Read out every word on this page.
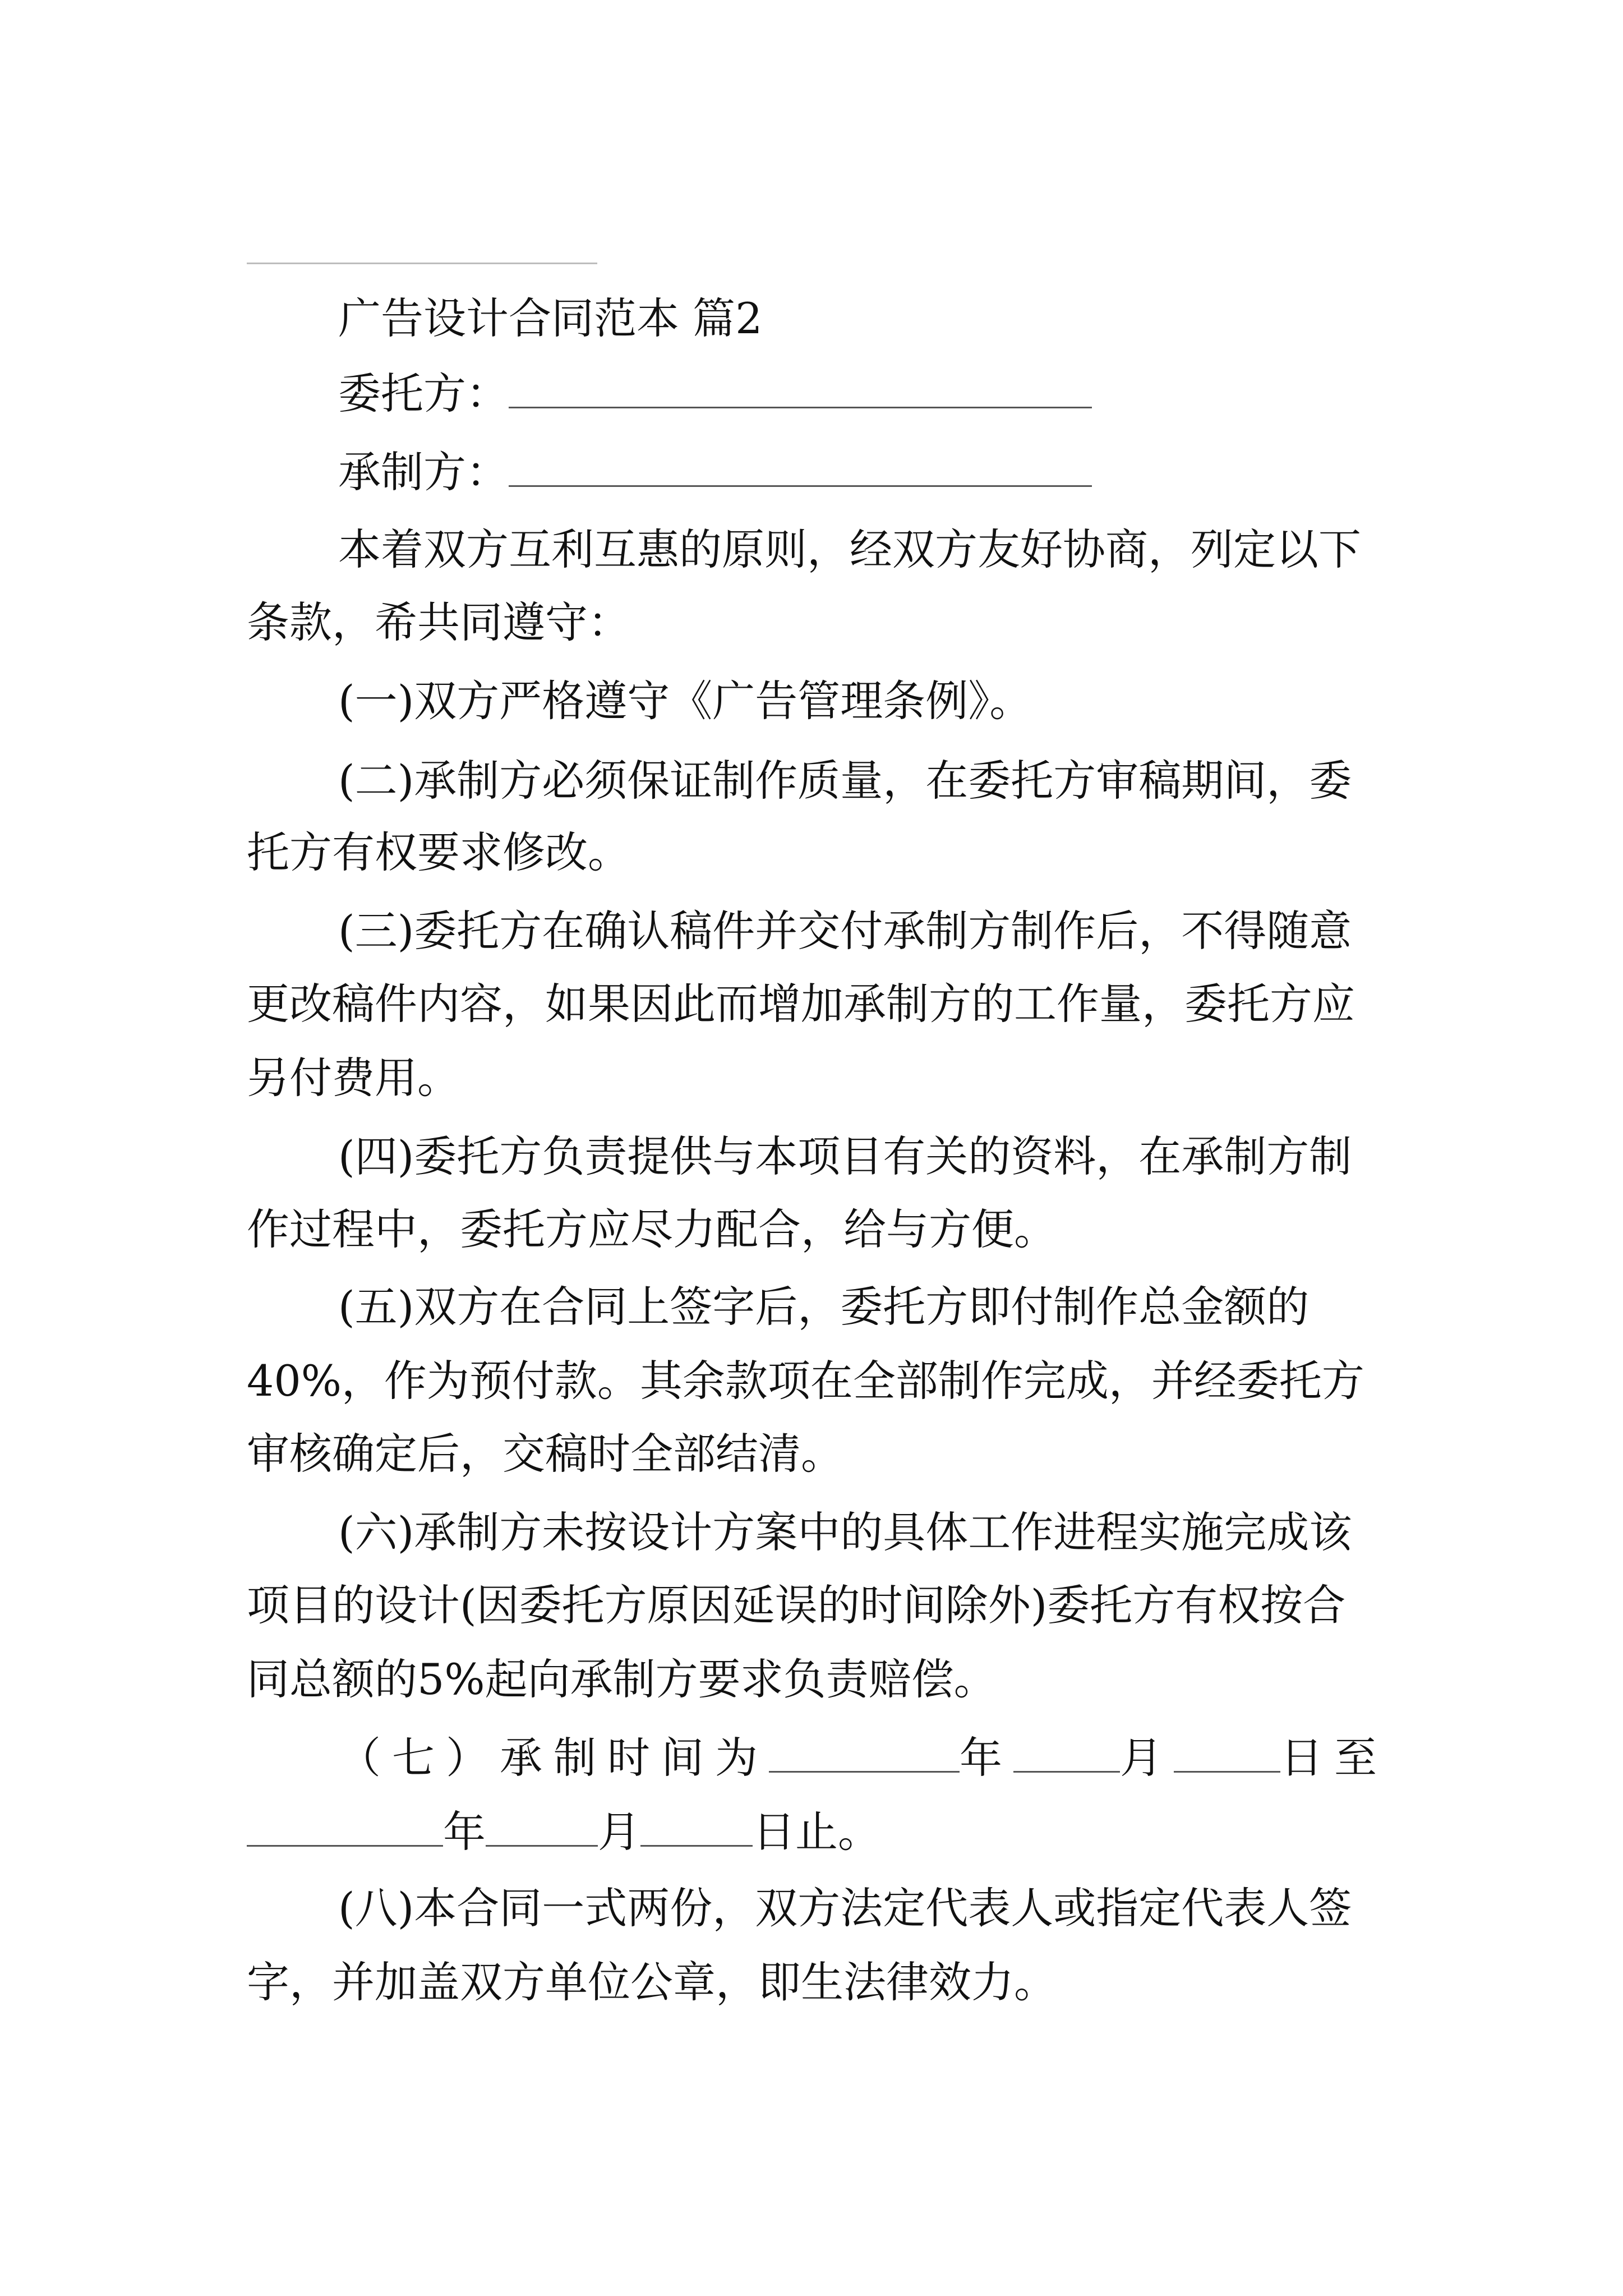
广告设计合同范本 篇2
委托方：
承制方：
本着双方互利互惠的原则，经双方友好协商，列定以下
条款，希共同遵守：
(一)双方严格遵守《广告管理条例》。
(二)承制方必须保证制作质量，在委托方审稿期间，委
托方有权要求修改。
(三)委托方在确认稿件并交付承制方制作后，不得随意
更改稿件内容，如果因此而增加承制方的工作量，委托方应
另付费用。
(四)委托方负责提供与本项目有关的资料，在承制方制
作过程中，委托方应尽力配合，给与方便。
(五)双方在合同上签字后，委托方即付制作总金额的
40%，作为预付款。其余款项在全部制作完成，并经委托方
审核确定后，交稿时全部结清。
(六)承制方未按设计方案中的具体工作进程实施完成该
项目的设计(因委托方原因延误的时间除外)委托方有权按合
同总额的5%起向承制方要求负责赔偿。
（七）承制时间为	年	月	日至
年	月	日止。
(八)本合同一式两份，双方法定代表人或指定代表人签
字，并加盖双方单位公章，即生法律效力。
